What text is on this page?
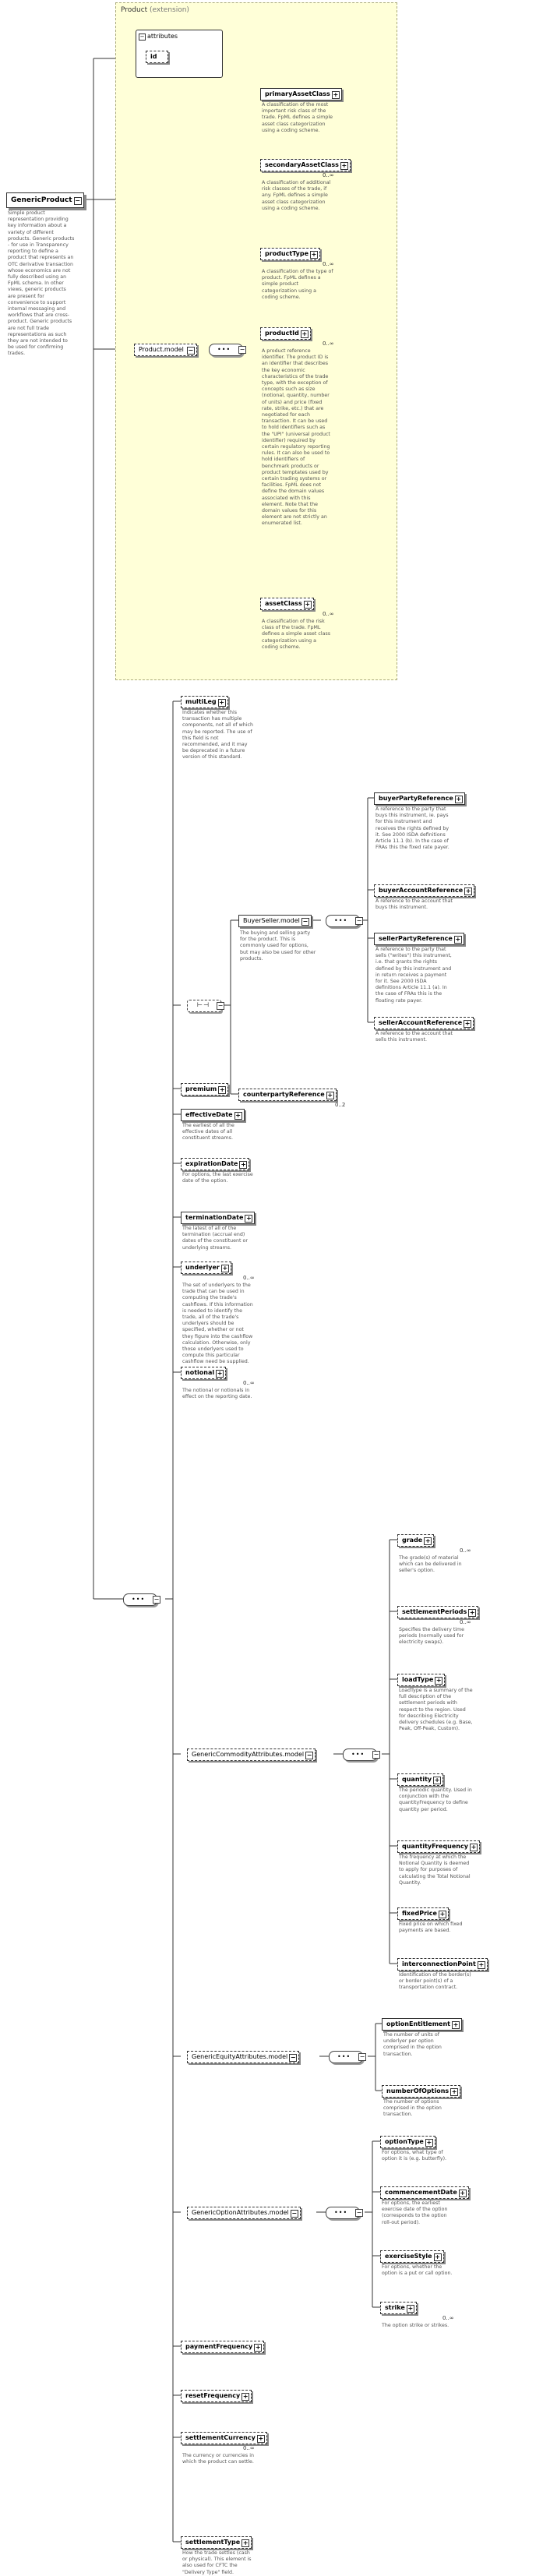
GenericProduct −
Simple product representation providing key information about a variety of different products. Generic products - for use in Transparency reporting to define a product that represents an OTC derivative transaction whose economics are not fully described using an FpML schema. In other views, generic products are present for convenience to support internal messaging and workflows that are cross-product. Generic products are not full trade representations as such they are not intended to be used for confirming trades.
Product (extension)
− attributes
id
Product.model −	••• −
••• −
⊢⊣ −
BuyerSeller.model −
The buying and selling party for the product. This is commonly used for options, but may also be used for other products.
••• −
counterpartyReference +
0..2
GenericCommodityAttributes.model −	••• −
GenericEquityAttributes.model −	••• −
GenericOptionAttributes.model −	••• −
primaryAssetClass +
A classification of the most important risk class of the trade. FpML defines a simple asset class categorization using a coding scheme.
secondaryAssetClass +
0..∞
A classification of additional risk classes of the trade, if any. FpML defines a simple asset class categorization using a coding scheme.
productType +
0..∞
A classification of the type of product. FpML defines a simple product categorization using a coding scheme.
productId +
0..∞
A product reference identifier. The product ID is an identifier that describes the key economic characteristics of the trade type, with the exception of concepts such as size (notional, quantity, number of units) and price (fixed rate, strike, etc.) that are negotiated for each transaction. It can be used to hold identifiers such as the "UPI" (universal product identifier) required by certain regulatory reporting rules. It can also be used to hold identifiers of benchmark products or product temptates used by certain trading systems or facilities. FpML does not define the domain values associated with this element. Note that the domain values for this element are not strictly an enumerated list.
assetClass +
0..∞
A classification of the risk class of the trade. FpML defines a simple asset class categorization using a coding scheme.
multiLeg +
Indicates whether this transaction has multiple components, not all of which may be reported. The use of this field is not recommended, and it may be deprecated in a future version of this standard.
premium +
effectiveDate +
The earliest of all the effective dates of all constituent streams.
expirationDate +
For options, the last exercise date of the option.
terminationDate +
The latest of all of the termination (accrual end) dates of the constituent or underlying streams.
underlyer +
0..∞
The set of underlyers to the trade that can be used in computing the trade's cashflows. If this information is needed to identify the trade, all of the trade's underlyers should be specified, whether or not they figure into the cashflow calculation. Otherwise, only those underlyers used to compute this particular cashflow need be supplied.
notional +
0..∞
The notional or notionals in effect on the reporting date.
buyerPartyReference +
A reference to the party that buys this instrument, ie. pays for this instrument and receives the rights defined by it. See 2000 ISDA definitions Article 11.1 (b). In the case of FRAs this the fixed rate payer.
buyerAccountReference +
A reference to the account that buys this instrument.
sellerPartyReference +
A reference to the party that sells ("writes") this instrument, i.e. that grants the rights defined by this instrument and in return receives a payment for it. See 2000 ISDA definitions Article 11.1 (a). In the case of FRAs this is the floating rate payer.
sellerAccountReference +
A reference to the account that sells this instrument.
grade +
0..∞
The grade(s) of material which can be delivered in seller's option.
settlementPeriods +
0..∞
Specifies the delivery time periods (normally used for electricity swaps).
loadType +
LoadType is a summary of the full description of the settlement periods with respect to the region. Used for describing Electricity delivery schedules (e.g. Base, Peak, Off-Peak, Custom).
quantity +
The periodic quantity. Used in conjunction with the quantityFrequency to define quantity per period.
quantityFrequency +
The frequency at which the Notional Quantity is deemed to apply for purposes of calculating the Total Notional Quantity.
fixedPrice +
Fixed price on which fixed payments are based.
interconnectionPoint +
Identification of the border(s) or border point(s) of a transportation contract.
optionEntitlement +
The number of units of underlyer per option comprised in the option transaction.
numberOfOptions +
The number of options comprised in the option transaction.
optionType +
For options, what type of option it is (e.g. butterfly).
commencementDate +
For options, the earliest exercise date of the option (corresponds to the option roll-out period).
exerciseStyle +
For options, whether the option is a put or call option.
strike +
0..∞
The option strike or strikes.
paymentFrequency +
resetFrequency +
settlementCurrency +
0..∞
The currency or currencies in which the product can settle.
settlementType +
How the trade settles (cash or physical). This element is also used for CFTC the "Delivery Type" field.
